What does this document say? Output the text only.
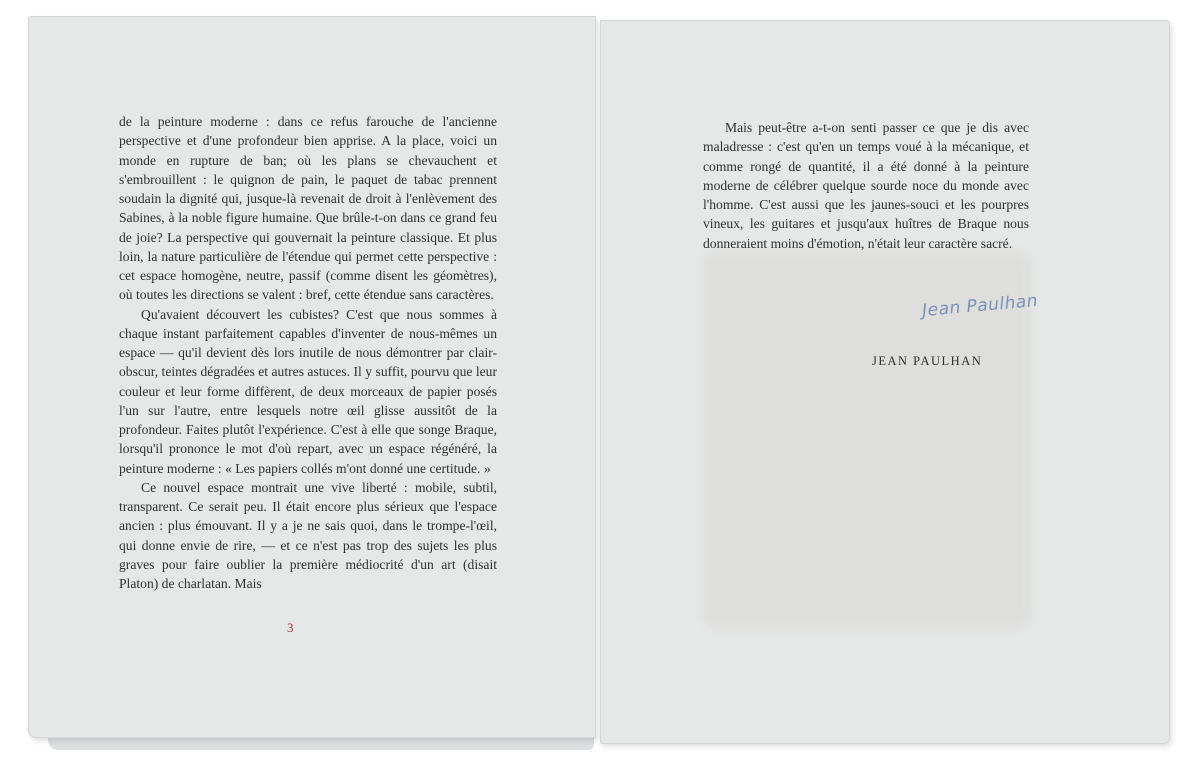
de la peinture moderne : dans ce refus farouche de l'ancienne perspective et d'une profondeur bien apprise. A la place, voici un monde en rupture de ban; où les plans se chevauchent et s'embrouillent : le quignon de pain, le paquet de tabac prennent soudain la dignité qui, jusque-là revenait de droit à l'enlèvement des Sabines, à la noble figure humaine. Que brûle-t-on dans ce grand feu de joie? La perspective qui gouvernait la peinture classique. Et plus loin, la nature particulière de l'étendue qui permet cette perspective : cet espace homogène, neutre, passif (comme disent les géomètres), où toutes les directions se valent : bref, cette étendue sans caractères.

Qu'avaient découvert les cubistes? C'est que nous sommes à chaque instant parfaitement capables d'inventer de nous-mêmes un espace — qu'il devient dès lors inutile de nous démontrer par clair-obscur, teintes dégradées et autres astuces. Il y suffit, pourvu que leur couleur et leur forme diffèrent, de deux morceaux de papier posés l'un sur l'autre, entre lesquels notre œil glisse aussitôt de la profondeur. Faites plutôt l'expérience. C'est à elle que songe Braque, lorsqu'il prononce le mot d'où repart, avec un espace régénéré, la peinture moderne : « Les papiers collés m'ont donné une certitude. »

Ce nouvel espace montrait une vive liberté : mobile, subtil, transparent. Ce serait peu. Il était encore plus sérieux que l'espace ancien : plus émouvant. Il y a je ne sais quoi, dans le trompe-l'œil, qui donne envie de rire, — et ce n'est pas trop des sujets les plus graves pour faire oublier la première médiocrité d'un art (disait Platon) de charlatan. Mais

3

Mais peut-être a-t-on senti passer ce que je dis avec maladresse : c'est qu'en un temps voué à la mécanique, et comme rongé de quantité, il a été donné à la peinture moderne de célébrer quelque sourde noce du monde avec l'homme. C'est aussi que les jaunes-souci et les pourpres vineux, les guitares et jusqu'aux huîtres de Braque nous donneraient moins d'émotion, n'était leur caractère sacré.

Jean Paulhan
JEAN PAULHAN
